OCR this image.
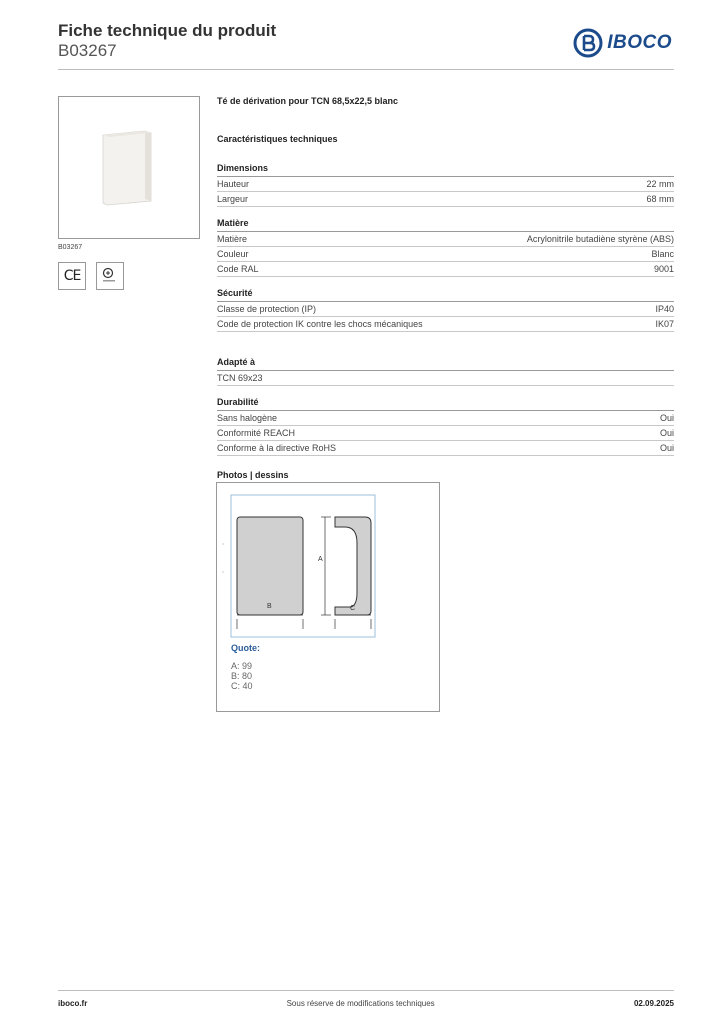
Fiche technique du produit
B03267	IBOCO
B03267
CE
Té de dérivation pour TCN 68,5x22,5 blanc
Caractéristiques techniques
Dimensions
Hauteur	22 mm
Largeur	68 mm
Matière
Matière	Acrylonitrile butadiène styrène (ABS)
Couleur	Blanc
Code RAL	9001
Sécurité
Classe de protection (IP)	IP40
Code de protection IK contre les chocs mécaniques	IK07
Adapté à
TCN 69x23
Durabilité
Sans halogène	Oui
Conformité REACH	Oui
Conforme à la directive RoHS	Oui
Photos | dessins
B
A
C
Quote:
A: 99
B: 80
C: 40
iboco.fr	Sous réserve de modifications techniques	02.09.2025
